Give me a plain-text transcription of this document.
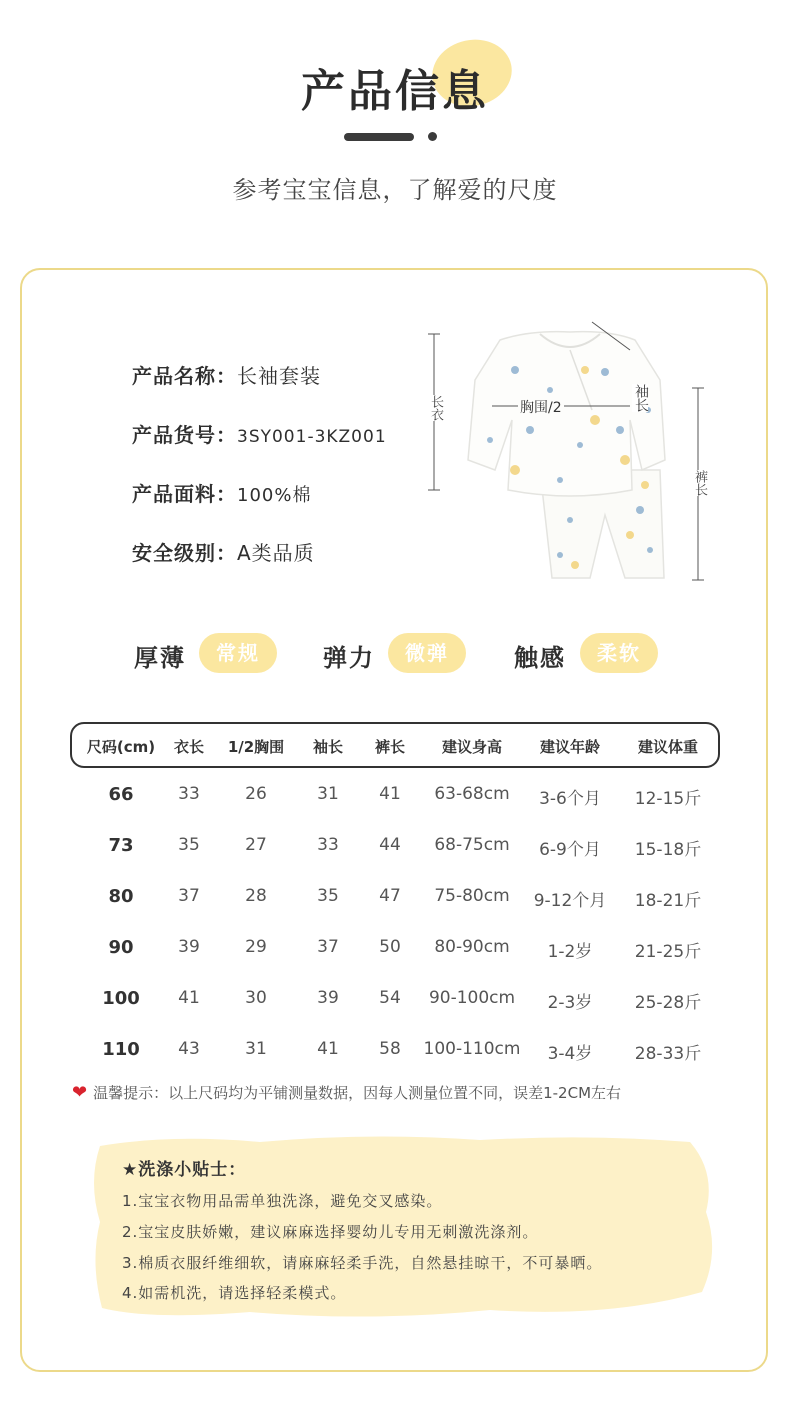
产品信息
参考宝宝信息，了解爱的尺度
产品名称：长袖套装
产品货号：3SY001-3KZ001
产品面料：100%棉
安全级别：A类品质
长衣	胸围/2	袖长
裤长
厚薄	常规	弹力	微弹	触感	柔软
尺码(cm)	衣长	1/2胸围	袖长	裤长	建议身高	建议年龄	建议体重
66	33	26	31	41	63-68cm	3-6个月	12-15斤
73	35	27	33	44	68-75cm	6-9个月	15-18斤
80	37	28	35	47	75-80cm	9-12个月	18-21斤
90	39	29	37	50	80-90cm	1-2岁	21-25斤
100	41	30	39	54	90-100cm	2-3岁	25-28斤
110	43	31	41	58	100-110cm	3-4岁	28-33斤
❤ 温馨提示：以上尺码均为平铺测量数据，因每人测量位置不同，误差1-2CM左右
★洗涤小贴士：
1.宝宝衣物用品需单独洗涤，避免交叉感染。
2.宝宝皮肤娇嫩，建议麻麻选择婴幼儿专用无刺激洗涤剂。
3.棉质衣服纤维细软，请麻麻轻柔手洗，自然悬挂晾干，不可暴晒。
4.如需机洗，请选择轻柔模式。
